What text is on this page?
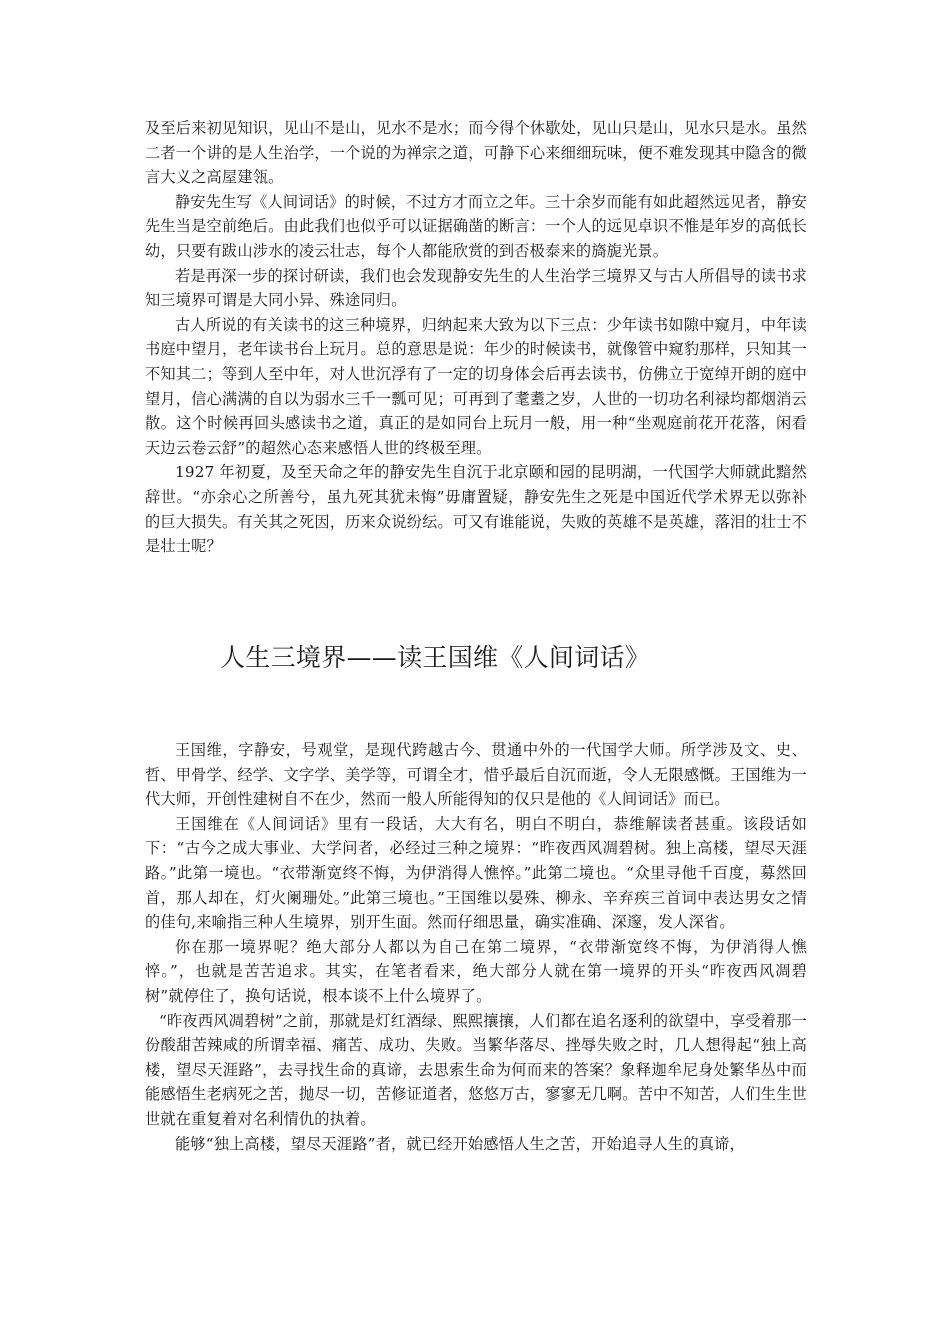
及至后来初见知识，见山不是山，见水不是水；而今得个休歇处，见山只是山，见水只是水。虽然二者一个讲的是人生治学，一个说的为禅宗之道，可静下心来细细玩味，便不难发现其中隐含的微言大义之高屋建瓴。

静安先生写《人间词话》的时候，不过方才而立之年。三十余岁而能有如此超然远见者，静安先生当是空前绝后。由此我们也似乎可以证据确凿的断言：一个人的远见卓识不惟是年岁的高低长幼，只要有跋山涉水的凌云壮志，每个人都能欣赏的到否极泰来的旖旎光景。

若是再深一步的探讨研读，我们也会发现静安先生的人生治学三境界又与古人所倡导的读书求知三境界可谓是大同小异、殊途同归。

古人所说的有关读书的这三种境界，归纳起来大致为以下三点：少年读书如隙中窥月，中年读书庭中望月，老年读书台上玩月。总的意思是说：年少的时候读书，就像管中窥豹那样，只知其一不知其二；等到人至中年，对人世沉浮有了一定的切身体会后再去读书，仿佛立于宽绰开朗的庭中望月，信心满满的自以为弱水三千一瓢可见；可再到了耄耋之岁，人世的一切功名利禄均都烟消云散。这个时候再回头感读书之道，真正的是如同台上玩月一般，用一种“坐观庭前花开花落，闲看天边云卷云舒”的超然心态来感悟人世的终极至理。

1927 年初夏，及至天命之年的静安先生自沉于北京颐和园的昆明湖，一代国学大师就此黯然辞世。“亦余心之所善兮，虽九死其犹未悔”毋庸置疑，静安先生之死是中国近代学术界无以弥补的巨大损失。有关其之死因，历来众说纷纭。可又有谁能说，失败的英雄不是英雄，落泪的壮士不是壮士呢？

人生三境界——读王国维《人间词话》

王国维，字静安，号观堂，是现代跨越古今、贯通中外的一代国学大师。所学涉及文、史、哲、甲骨学、经学、文字学、美学等，可谓全才，惜乎最后自沉而逝，令人无限感慨。王国维为一代大师，开创性建树自不在少，然而一般人所能得知的仅只是他的《人间词话》而已。

王国维在《人间词话》里有一段话，大大有名，明白不明白，恭维解读者甚重。该段话如下：“古今之成大事业、大学问者，必经过三种之境界：“昨夜西风凋碧树。独上高楼，望尽天涯路。”此第一境也。“衣带渐宽终不悔，为伊消得人憔悴。”此第二境也。“众里寻他千百度，募然回首，那人却在，灯火阑珊处。”此第三境也。”王国维以晏殊、柳永、辛弃疾三首词中表达男女之情的佳句,来喻指三种人生境界，别开生面。然而仔细思量，确实准确、深邃，发人深省。

你在那一境界呢？绝大部分人都以为自己在第二境界，“衣带渐宽终不悔，为伊消得人憔悴。”，也就是苦苦追求。其实，在笔者看来，绝大部分人就在第一境界的开头“昨夜西风凋碧树”就停住了，换句话说，根本谈不上什么境界了。

“昨夜西风凋碧树”之前，那就是灯红酒绿、熙熙攘攘，人们都在追名逐利的欲望中，享受着那一份酸甜苦辣咸的所谓幸福、痛苦、成功、失败。当繁华落尽、挫辱失败之时，几人想得起“独上高楼，望尽天涯路”，去寻找生命的真谛，去思索生命为何而来的答案？象释迦牟尼身处繁华丛中而能感悟生老病死之苦，抛尽一切，苦修证道者，悠悠万古，寥寥无几啊。苦中不知苦，人们生生世世就在重复着对名利情仇的执着。

能够“独上高楼，望尽天涯路”者，就已经开始感悟人生之苦，开始追寻人生的真谛，
